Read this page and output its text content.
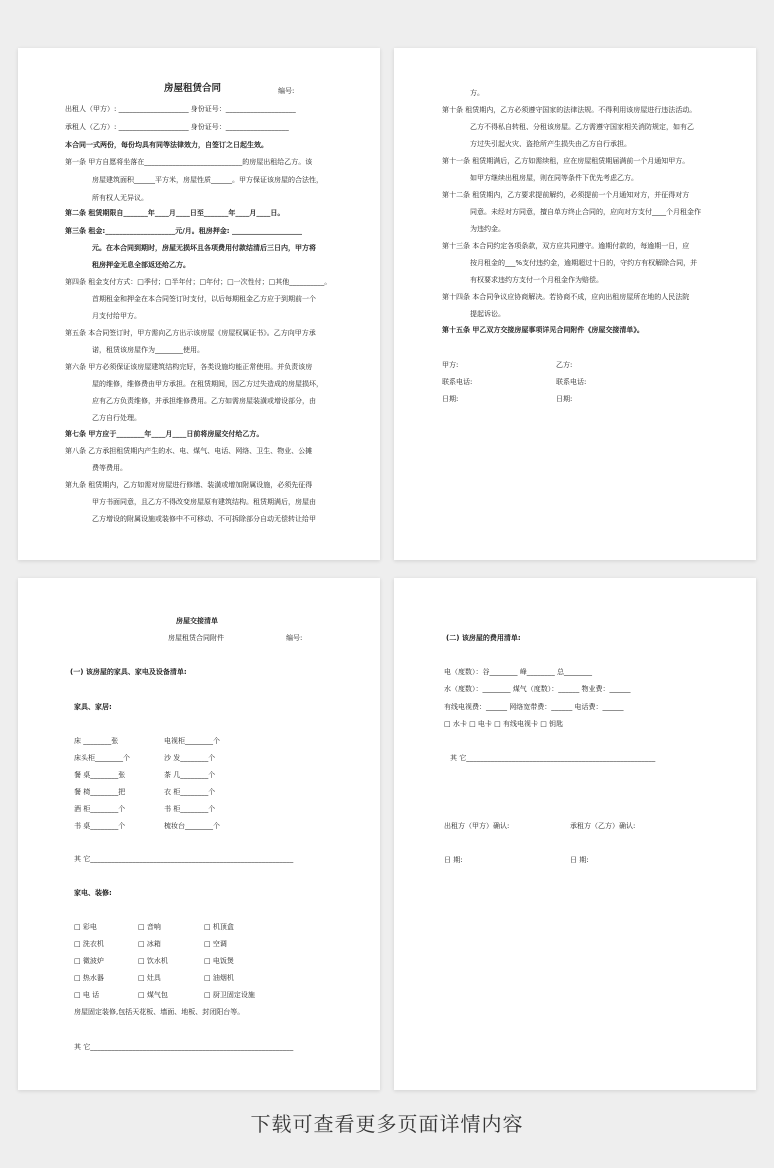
房屋租赁合同	编号:
出租人（甲方）: ____________________ 身份证号：____________________
承租人（乙方）: ____________________ 身份证号：__________________
本合同一式两份，每份均具有同等法律效力，自签订之日起生效。
第一条 甲方自愿将坐落在____________________________的房屋出租给乙方。该
房屋建筑面积______平方米，房屋性质______。甲方保证该房屋的合法性，
所有权人无异议。
第二条 租赁期限自_______年____月____日至_______年____月____日。
第三条 租金:____________________元/月。租房押金: ____________________
元。在本合同到期时，房屋无损坏且各项费用付款结清后三日内，甲方将
租房押金无息全部返还给乙方。
第四条 租金支付方式：□季付；□半年付；□年付；□一次性付；□其他__________。
首期租金和押金在本合同签订时支付，以后每期租金乙方应于到期前一个
月支付给甲方。
第五条 本合同签订时，甲方需向乙方出示该房屋《房屋权属证书》。乙方向甲方承
诺，租赁该房屋作为________使用。
第六条 甲方必须保证该房屋建筑结构完好，各类设施均能正常使用。并负责该房
屋的维修，维修费由甲方承担。在租赁期间，因乙方过失造成的房屋损坏，
应有乙方负责维修，并承担维修费用。乙方如需房屋装潢或增设部分，由
乙方自行处理。
第七条 甲方应于________年____月____日前将房屋交付给乙方。
第八条 乙方承担租赁期内产生的水、电、煤气、电话、网络、卫生、物业、公摊
费等费用。
第九条 租赁期内，乙方如需对房屋进行修缮、装潢或增加附属设施，必须先征得
甲方书面同意，且乙方不得改变房屋原有建筑结构。租赁期满后，房屋由
乙方增设的附属设施或装修中不可移动、不可拆除部分自动无偿转让给甲
方。
第十条 租赁期内，乙方必须遵守国家的法律法规。不得利用该房屋进行违法活动。
乙方不得私自转租、分租该房屋。乙方需遵守国家相关消防规定，如有乙
方过失引起火灾、盗抢所产生损失由乙方自行承担。
第十一条 租赁期满后，乙方如需续租，应在房屋租赁期届满前一个月通知甲方。
如甲方继续出租房屋，则在同等条件下优先考虑乙方。
第十二条 租赁期内，乙方要求提前解约，必须提前一个月通知对方，并征得对方
同意。未经对方同意，擅自单方终止合同的，应向对方支付____个月租金作
为违约金。
第十三条 本合同约定各项条款，双方应共同遵守。逾期付款的，每逾期一日，应
按月租金的___%支付违约金，逾期超过十日的，守约方有权解除合同，并
有权要求违约方支付一个月租金作为赔偿。
第十四条 本合同争议应协商解决。若协商不成，应向出租房屋所在地的人民法院
提起诉讼。
第十五条 甲乙双方交接房屋事项详见合同附件《房屋交接清单》。
甲方:	乙方:
联系电话:	联系电话:
日期:	日期:
房屋交接清单
房屋租赁合同附件	编号:
(一) 该房屋的家具、家电及设备清单:
家具、家居:
床 ________张	电视柜________个
床头柜________个	沙 发________个
餐 桌________张	茶 几________个
餐 椅________把	衣 柜________个
酒 柜________个	书 柜________个
书 桌________个	梳妆台________个
其 它__________________________________________________________
家电、装修:
□ 彩电	□ 音响	□ 机顶盒
□ 洗衣机	□ 冰箱	□ 空调
□ 微波炉	□ 饮水机	□ 电饭煲
□ 热水器	□ 灶具	□ 油烟机
□ 电 话	□ 煤气包	□ 厨卫固定设施
房屋固定装修,包括天花板、墙面、地板、封闭阳台等。
其 它__________________________________________________________
(二) 该房屋的费用清单:
电（度数）：谷________ 峰________ 总________
水（度数）：________ 煤气（度数）：______ 物业费：______
有线电视费：______ 网络宽带费：______ 电话费：______
□ 水卡 □ 电卡 □ 有线电视卡 □ 钥匙
其 它______________________________________________________
出租方（甲方）确认:	承租方（乙方）确认:
日 期:	日 期:
下载可查看更多页面详情内容
